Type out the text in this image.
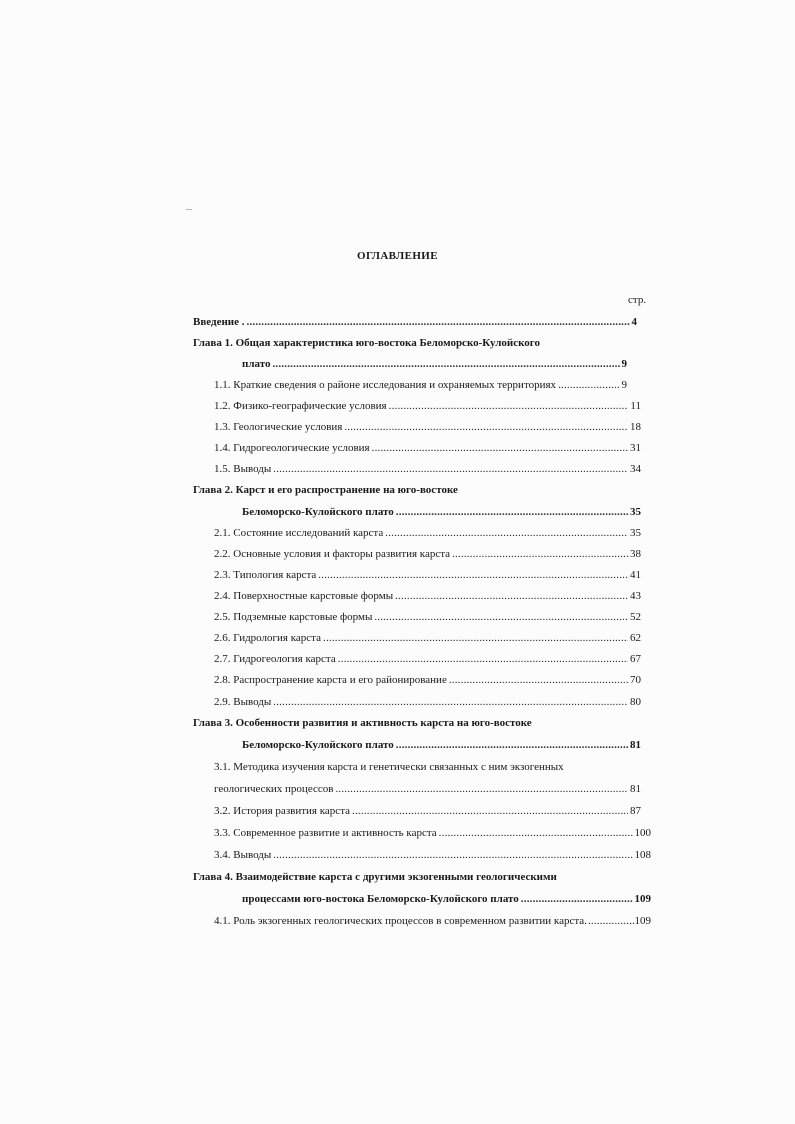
ОГЛАВЛЕНИЕ
стр.
Введение . .....	4
Глава 1. Общая характеристика юго-востока Беломорско-Кулойского
плато .....	9
1.1. Краткие сведения о районе исследования и охраняемых территориях .....	9
1.2. Физико-географические условия .....	11
1.3. Геологические условия .....	18
1.4. Гидрогеологические условия .....	31
1.5. Выводы .....	34
Глава 2. Карст и его распространение на юго-востоке
Беломорско-Кулойского плато .....	35
2.1. Состояние исследований карста .....	35
2.2. Основные условия и факторы развития карста .....	38
2.3. Типология карста .....	41
2.4. Поверхностные карстовые формы .....	43
2.5. Подземные карстовые формы .....	52
2.6. Гидрология карста .....	62
2.7. Гидрогеология карста .....	67
2.8. Распространение карста и его районирование .....	70
2.9. Выводы .....	80
Глава 3. Особенности развития и активность карста на юго-востоке
Беломорско-Кулойского плато .....	81
3.1. Методика изучения карста и генетически связанных с ним экзогенных
геологических процессов .....	81
3.2. История развития карста .....	87
3.3. Современное развитие и активность карста .....	100
3.4. Выводы .....	108
Глава 4. Взаимодействие карста с другими экзогенными геологическими
процессами юго-востока Беломорско-Кулойского плато .....	109
4.1. Роль экзогенных геологических процессов в современном развитии карста. .....	109
